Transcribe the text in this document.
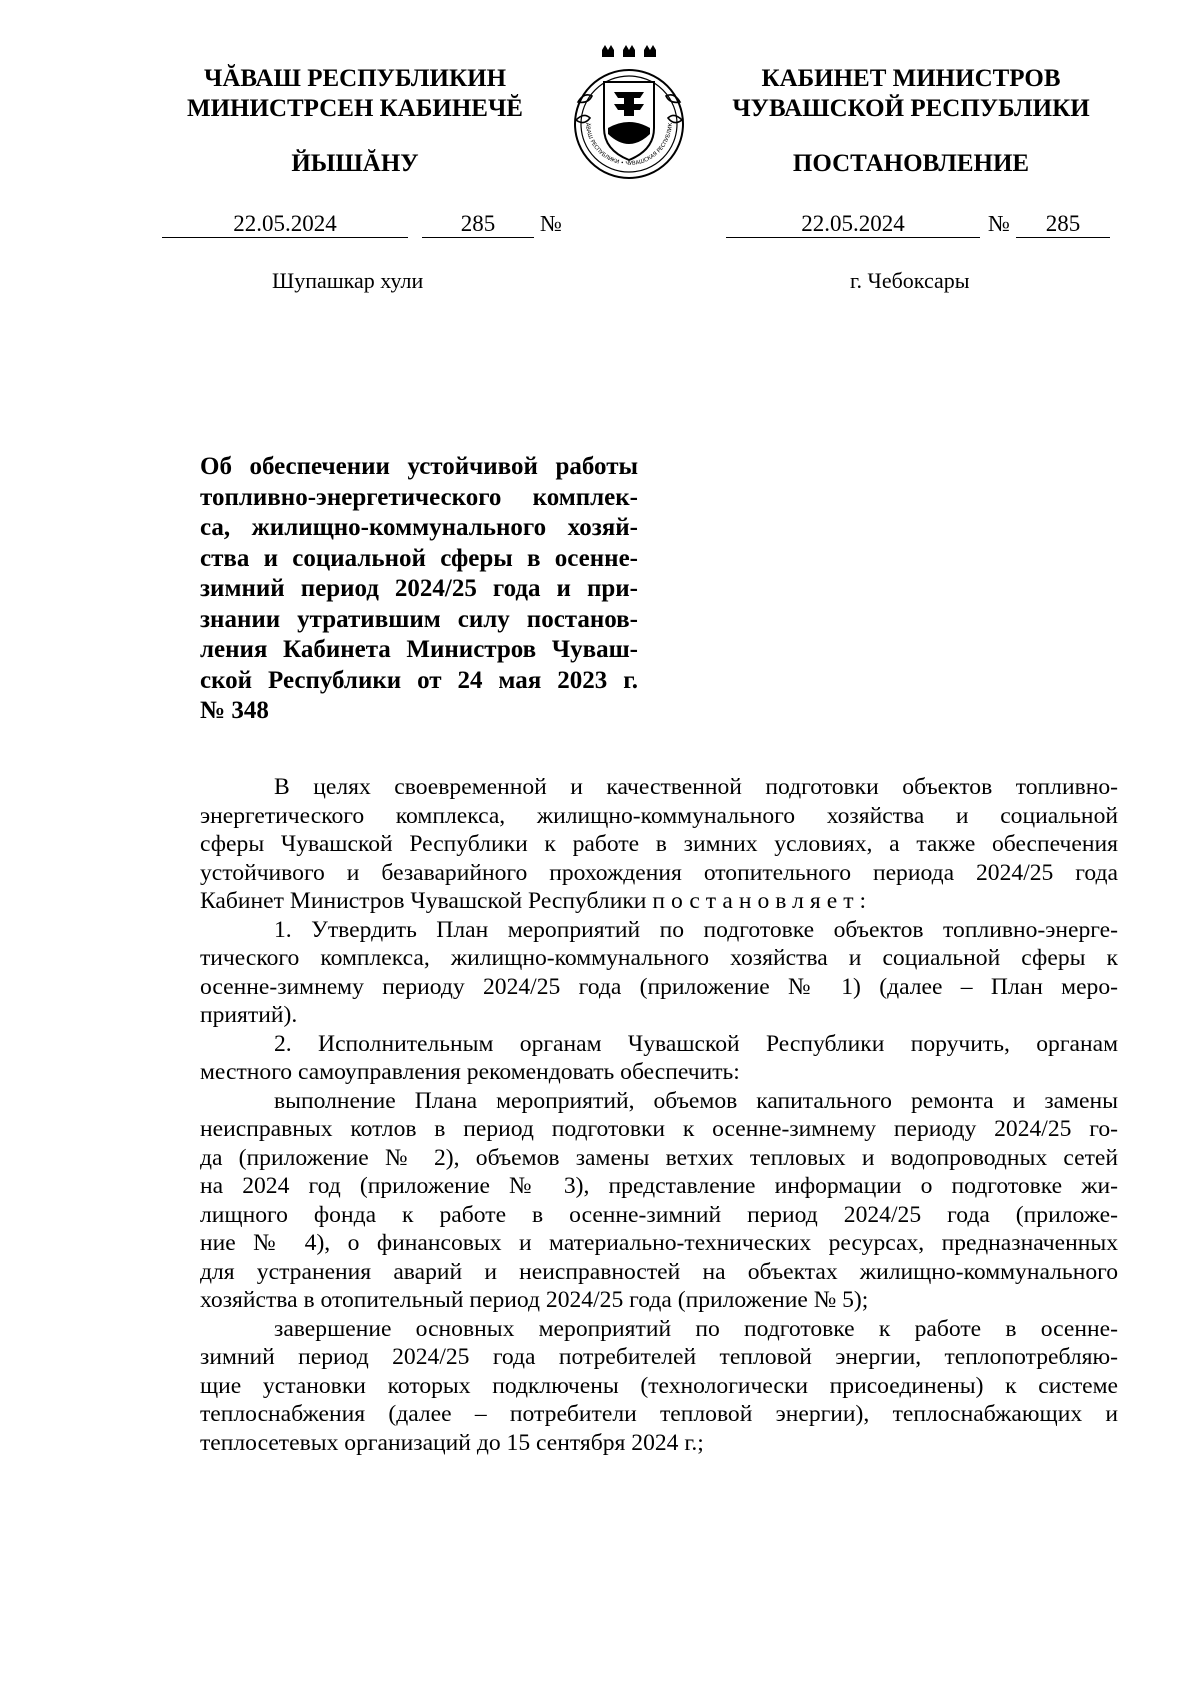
ЧĂВАШ РЕСПУБЛИКИН
МИНИСТРСЕН КАБИНЕЧĔ
ЙЫШĂНУ
ĂВАШ РЕСПУБЛИКИ • ЧУВАШСКАЯ РЕСПУБЛИК
КАБИНЕТ МИНИСТРОВ
ЧУВАШСКОЙ РЕСПУБЛИКИ
ПОСТАНОВЛЕНИЕ
22.05.2024	285	№	22.05.2024	№	285
Шупашкар хули	г. Чебоксары
Об обеспечении устойчивой работы
топливно-энергетического комплек-
са, жилищно-коммунального хозяй-
ства и социальной сферы в осенне-
зимний период 2024/25 года и при-
знании утратившим силу постанов-
ления Кабинета Министров Чуваш-
ской Республики от 24 мая 2023 г.
№ 348
В целях своевременной и качественной подготовки объектов топливно-
энергетического комплекса, жилищно-коммунального хозяйства и социальной
сферы Чувашской Республики к работе в зимних условиях, а также обеспечения
устойчивого и безаварийного прохождения отопительного периода 2024/25 года
Кабинет Министров Чувашской Республики постановляет:
1. Утвердить План мероприятий по подготовке объектов топливно-энерге-
тического комплекса, жилищно-коммунального хозяйства и социальной сферы к
осенне-зимнему периоду 2024/25 года (приложение № 1) (далее – План меро-
приятий).
2. Исполнительным органам Чувашской Республики поручить, органам
местного самоуправления рекомендовать обеспечить:
выполнение Плана мероприятий, объемов капитального ремонта и замены
неисправных котлов в период подготовки к осенне-зимнему периоду 2024/25 го-
да (приложение № 2), объемов замены ветхих тепловых и водопроводных сетей
на 2024 год (приложение № 3), представление информации о подготовке жи-
лищного фонда к работе в осенне-зимний период 2024/25 года (приложе-
ние № 4), о финансовых и материально-технических ресурсах, предназначенных
для устранения аварий и неисправностей на объектах жилищно-коммунального
хозяйства в отопительный период 2024/25 года (приложение № 5);
завершение основных мероприятий по подготовке к работе в осенне-
зимний период 2024/25 года потребителей тепловой энергии, теплопотребляю-
щие установки которых подключены (технологически присоединены) к системе
теплоснабжения (далее – потребители тепловой энергии), теплоснабжающих и
теплосетевых организаций до 15 сентября 2024 г.;
